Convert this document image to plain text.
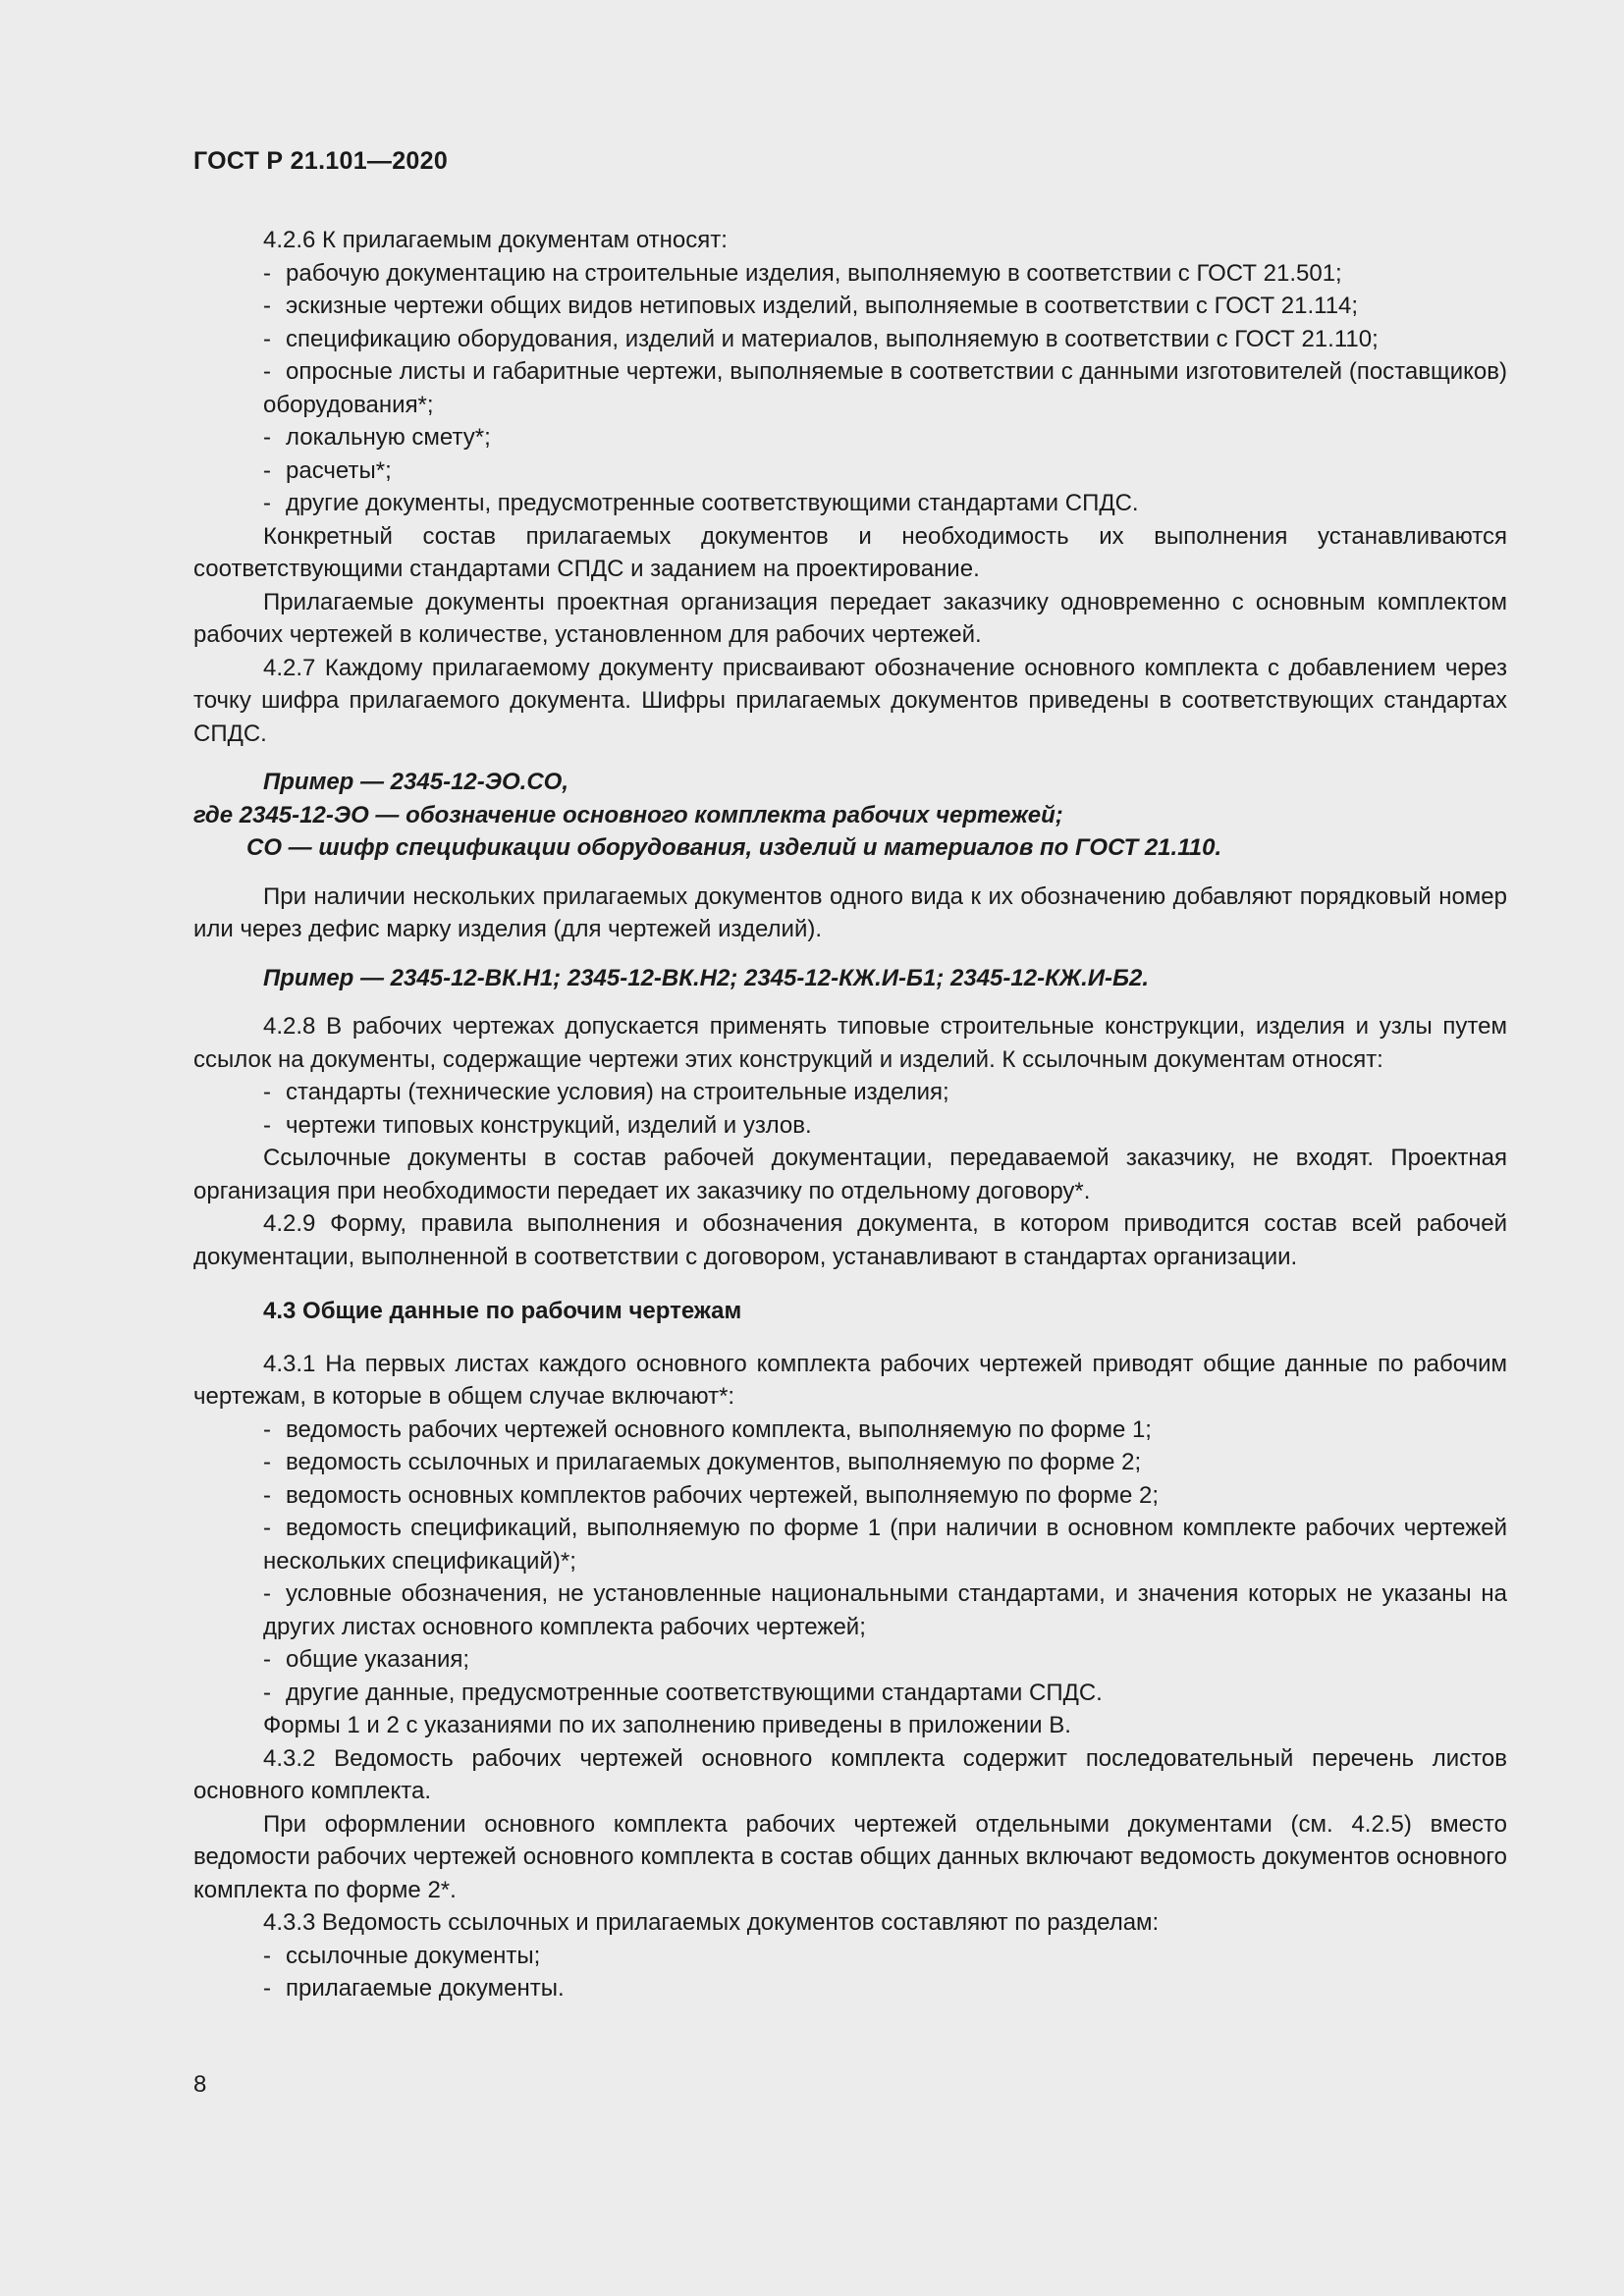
ГОСТ Р 21.101—2020

4.2.6 К прилагаемым документам относят:

- рабочую документацию на строительные изделия, выполняемую в соответствии с ГОСТ 21.501;

- эскизные чертежи общих видов нетиповых изделий, выполняемые в соответствии с ГОСТ 21.114;

- спецификацию оборудования, изделий и материалов, выполняемую в соответствии с ГОСТ 21.110;

- опросные листы и габаритные чертежи, выполняемые в соответствии с данными изготовителей (поставщиков) оборудования*;

- локальную смету*;

- расчеты*;

- другие документы, предусмотренные соответствующими стандартами СПДС.

Конкретный состав прилагаемых документов и необходимость их выполнения устанавливаются соответствующими стандартами СПДС и заданием на проектирование.

Прилагаемые документы проектная организация передает заказчику одновременно с основным комплектом рабочих чертежей в количестве, установленном для рабочих чертежей.

4.2.7 Каждому прилагаемому документу присваивают обозначение основного комплекта с добавлением через точку шифра прилагаемого документа. Шифры прилагаемых документов приведены в соответствующих стандартах СПДС.

Пример — 2345-12-ЭО.СО,

где 2345-12-ЭО — обозначение основного комплекта рабочих чертежей;

СО — шифр спецификации оборудования, изделий и материалов по ГОСТ 21.110.

При наличии нескольких прилагаемых документов одного вида к их обозначению добавляют порядковый номер или через дефис марку изделия (для чертежей изделий).

Пример — 2345-12-ВК.Н1; 2345-12-ВК.Н2; 2345-12-КЖ.И-Б1; 2345-12-КЖ.И-Б2.

4.2.8 В рабочих чертежах допускается применять типовые строительные конструкции, изделия и узлы путем ссылок на документы, содержащие чертежи этих конструкций и изделий. К ссылочным документам относят:

- стандарты (технические условия) на строительные изделия;

- чертежи типовых конструкций, изделий и узлов.

Ссылочные документы в состав рабочей документации, передаваемой заказчику, не входят. Проектная организация при необходимости передает их заказчику по отдельному договору*.

4.2.9 Форму, правила выполнения и обозначения документа, в котором приводится состав всей рабочей документации, выполненной в соответствии с договором, устанавливают в стандартах организации.

4.3 Общие данные по рабочим чертежам

4.3.1 На первых листах каждого основного комплекта рабочих чертежей приводят общие данные по рабочим чертежам, в которые в общем случае включают*:

- ведомость рабочих чертежей основного комплекта, выполняемую по форме 1;

- ведомость ссылочных и прилагаемых документов, выполняемую по форме 2;

- ведомость основных комплектов рабочих чертежей, выполняемую по форме 2;

- ведомость спецификаций, выполняемую по форме 1 (при наличии в основном комплекте рабочих чертежей нескольких спецификаций)*;

- условные обозначения, не установленные национальными стандартами, и значения которых не указаны на других листах основного комплекта рабочих чертежей;

- общие указания;

- другие данные, предусмотренные соответствующими стандартами СПДС.

Формы 1 и 2 с указаниями по их заполнению приведены в приложении В.

4.3.2 Ведомость рабочих чертежей основного комплекта содержит последовательный перечень листов основного комплекта.

При оформлении основного комплекта рабочих чертежей отдельными документами (см. 4.2.5) вместо ведомости рабочих чертежей основного комплекта в состав общих данных включают ведомость документов основного комплекта по форме 2*.

4.3.3 Ведомость ссылочных и прилагаемых документов составляют по разделам:

- ссылочные документы;

- прилагаемые документы.

8
